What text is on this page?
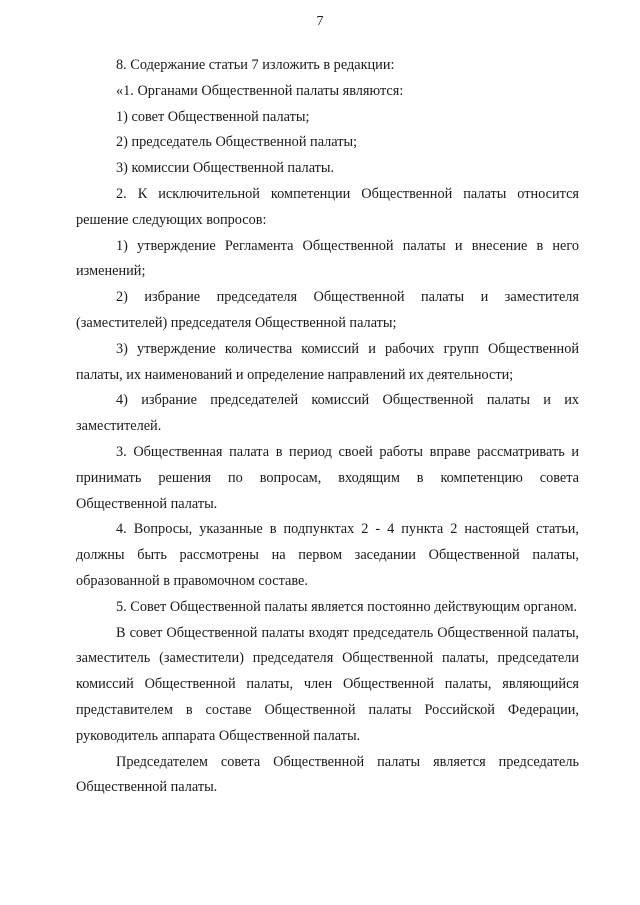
7

8. Содержание статьи 7 изложить в редакции:

«1. Органами Общественной палаты являются:

1) совет Общественной палаты;

2) председатель Общественной палаты;

3) комиссии Общественной палаты.

2. К исключительной компетенции Общественной палаты относится решение следующих вопросов:

1) утверждение Регламента Общественной палаты и внесение в него изменений;

2) избрание председателя Общественной палаты и заместителя (заместителей) председателя Общественной палаты;

3) утверждение количества комиссий и рабочих групп Общественной палаты, их наименований и определение направлений их деятельности;

4) избрание председателей комиссий Общественной палаты и их заместителей.

3. Общественная палата в период своей работы вправе рассматривать и принимать решения по вопросам, входящим в компетенцию совета Общественной палаты.

4. Вопросы, указанные в подпунктах 2 - 4 пункта 2 настоящей статьи, должны быть рассмотрены на первом заседании Общественной палаты, образованной в правомочном составе.

5. Совет Общественной палаты является постоянно действующим органом.

В совет Общественной палаты входят председатель Общественной палаты, заместитель (заместители) председателя Общественной палаты, председатели комиссий Общественной палаты, член Общественной палаты, являющийся представителем в составе Общественной палаты Российской Федерации, руководитель аппарата Общественной палаты.

Председателем совета Общественной палаты является председатель Общественной палаты.
